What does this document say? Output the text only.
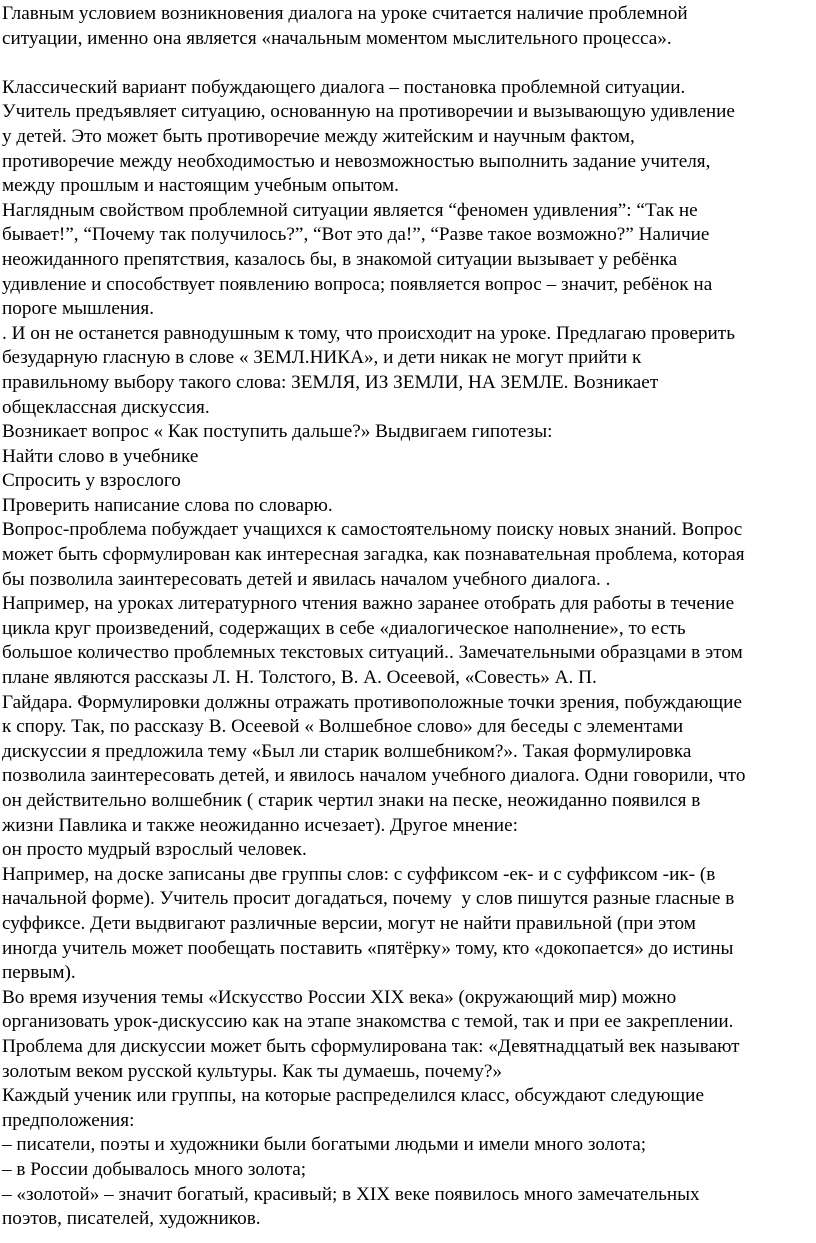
Главным условием возникновения диалога на уроке считается наличие проблемной
ситуации, именно она является «начальным моментом мыслительного процесса».
Классический вариант побуждающего диалога – постановка проблемной ситуации.
Учитель предъявляет ситуацию, основанную на противоречии и вызывающую удивление
у детей. Это может быть противоречие между житейским и научным фактом,
противоречие между необходимостью и невозможностью выполнить задание учителя,
между прошлым и настоящим учебным опытом.
Наглядным свойством проблемной ситуации является “феномен удивления”: “Так не
бывает!”, “Почему так получилось?”, “Вот это да!”, “Разве такое возможно?” Наличие
неожиданного препятствия, казалось бы, в знакомой ситуации вызывает у ребёнка
удивление и способствует появлению вопроса; появляется вопрос – значит, ребёнок на
пороге мышления.
. И он не останется равнодушным к тому, что происходит на уроке. Предлагаю проверить
безударную гласную в слове « ЗЕМЛ.НИКА», и дети никак не могут прийти к
правильному выбору такого слова: ЗЕМЛЯ, ИЗ ЗЕМЛИ, НА ЗЕМЛЕ. Возникает
общеклассная дискуссия.
Возникает вопрос « Как поступить дальше?» Выдвигаем гипотезы:
Найти слово в учебнике
Спросить у взрослого
Проверить написание слова по словарю.
Вопрос-проблема побуждает учащихся к самостоятельному поиску новых знаний. Вопрос
может быть сформулирован как интересная загадка, как познавательная проблема, которая
бы позволила заинтересовать детей и явилась началом учебного диалога. .
Например, на уроках литературного чтения важно заранее отобрать для работы в течение
цикла круг произведений, содержащих в себе «диалогическое наполнение», то есть
большое количество проблемных текстовых ситуаций.. Замечательными образцами в этом
плане являются рассказы Л. Н. Толстого, В. А. Осеевой, «Совесть» А. П.
Гайдара. Формулировки должны отражать противоположные точки зрения, побуждающие
к спору. Так, по рассказу В. Осеевой « Волшебное слово» для беседы с элементами
дискуссии я предложила тему «Был ли старик волшебником?». Такая формулировка
позволила заинтересовать детей, и явилось началом учебного диалога. Одни говорили, что
он действительно волшебник ( старик чертил знаки на песке, неожиданно появился в
жизни Павлика и также неожиданно исчезает). Другое мнение:
он просто мудрый взрослый человек.
Например, на доске записаны две группы слов: с суффиксом -ек- и с суффиксом -ик- (в
начальной форме). Учитель просит догадаться, почему  у слов пишутся разные гласные в
суффиксе. Дети выдвигают различные версии, могут не найти правильной (при этом
иногда учитель может пообещать поставить «пятёрку» тому, кто «докопается» до истины
первым).
Во время изучения темы «Искусство России XIX века» (окружающий мир) можно
организовать урок-дискуссию как на этапе знакомства с темой, так и при ее закреплении.
Проблема для дискуссии может быть сформулирована так: «Девятнадцатый век называют
золотым веком русской культуры. Как ты думаешь, почему?»
Каждый ученик или группы, на которые распределился класс, обсуждают следующие
предположения:
– писатели, поэты и художники были богатыми людьми и имели много золота;
– в России добывалось много золота;
– «золотой» – значит богатый, красивый; в XIX веке появилось много замечательных
поэтов, писателей, художников.
